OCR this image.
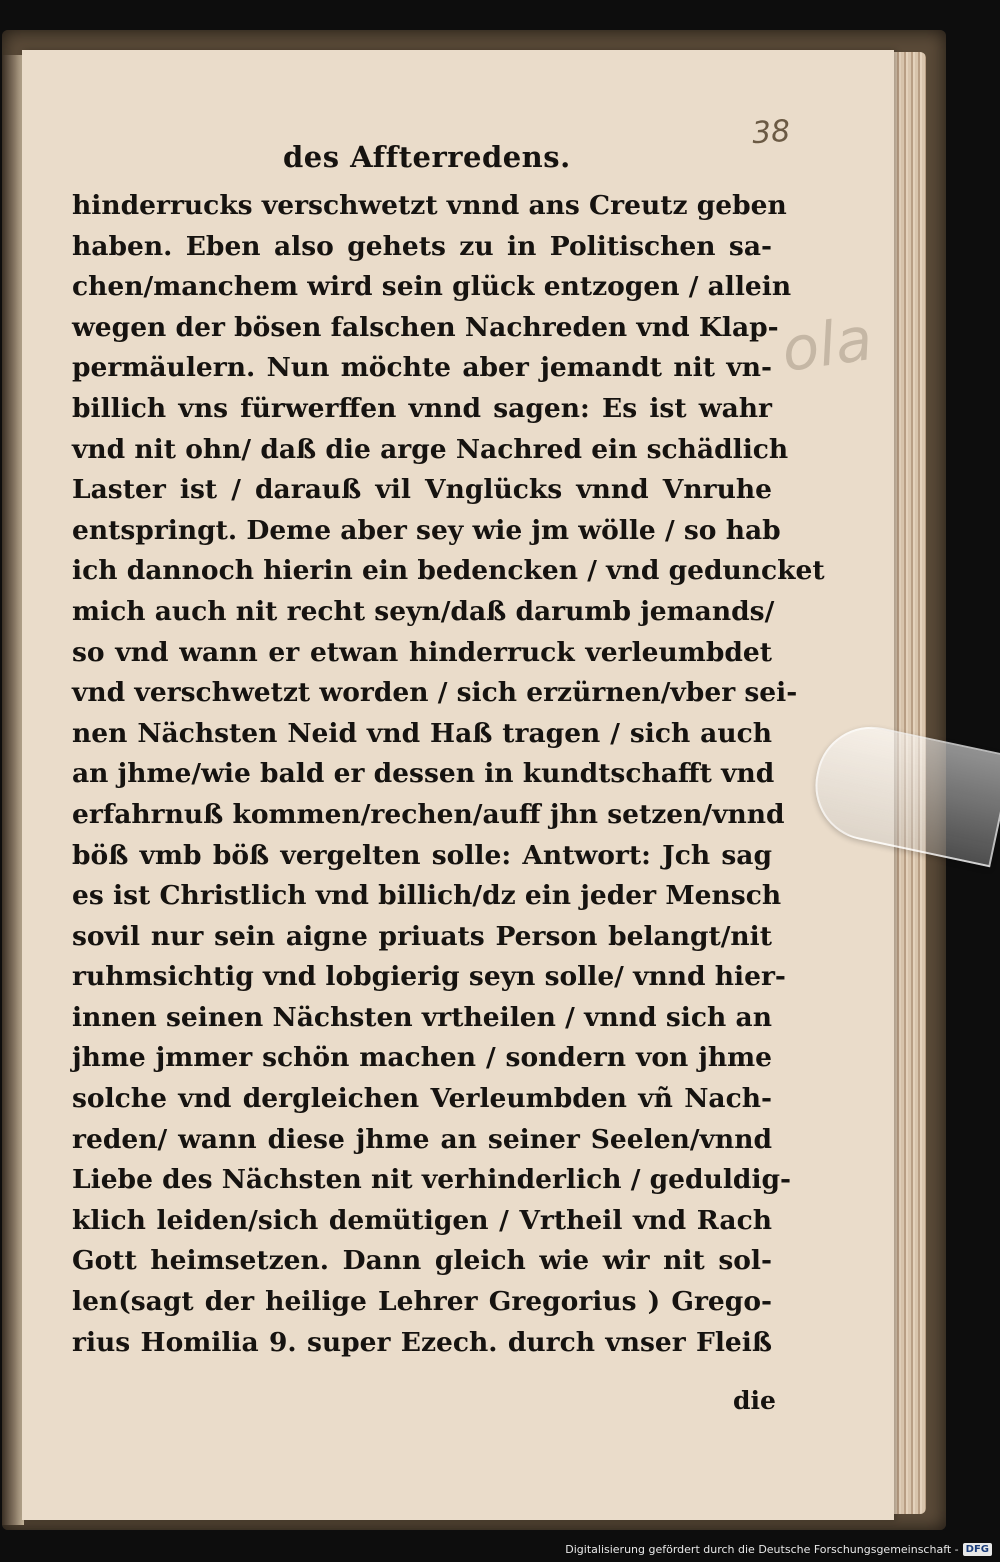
38
des Affterredens.
ola
hinderrucks verschwetzt vnnd ans Creutz geben
haben. Eben also gehets zu in Politischen sa-
chen/manchem wird sein glück entzogen / allein
wegen der bösen falschen Nachreden vnd Klap-
permäulern. Nun möchte aber jemandt nit vn-
billich vns fürwerffen vnnd sagen: Es ist wahr
vnd nit ohn/ daß die arge Nachred ein schädlich
Laster ist / darauß vil Vnglücks vnnd Vnruhe
entspringt. Deme aber sey wie jm wölle / so hab
ich dannoch hierin ein bedencken / vnd geduncket
mich auch nit recht seyn/daß darumb jemands/
so vnd wann er etwan hinderruck verleumbdet
vnd verschwetzt worden / sich erzürnen/vber sei-
nen Nächsten Neid vnd Haß tragen / sich auch
an jhme/wie bald er dessen in kundtschafft vnd
erfahrnuß kommen/rechen/auff jhn setzen/vnnd
böß vmb böß vergelten solle: Antwort: Jch sag
es ist Christlich vnd billich/dz ein jeder Mensch
sovil nur sein aigne priuats Person belangt/nit
ruhmsichtig vnd lobgierig seyn solle/ vnnd hier-
innen seinen Nächsten vrtheilen / vnnd sich an
jhme jmmer schön machen / sondern von jhme
solche vnd dergleichen Verleumbden vñ Nach-
reden/ wann diese jhme an seiner Seelen/vnnd
Liebe des Nächsten nit verhinderlich / geduldig-
klich leiden/sich demütigen / Vrtheil vnd Rach
Gott heimsetzen. Dann gleich wie wir nit sol-
len(sagt der heilige Lehrer Gregorius ) Grego-
rius Homilia 9. super Ezech. durch vnser Fleiß
die
Digitalisierung gefördert durch die Deutsche Forschungsgemeinschaft - DFG
